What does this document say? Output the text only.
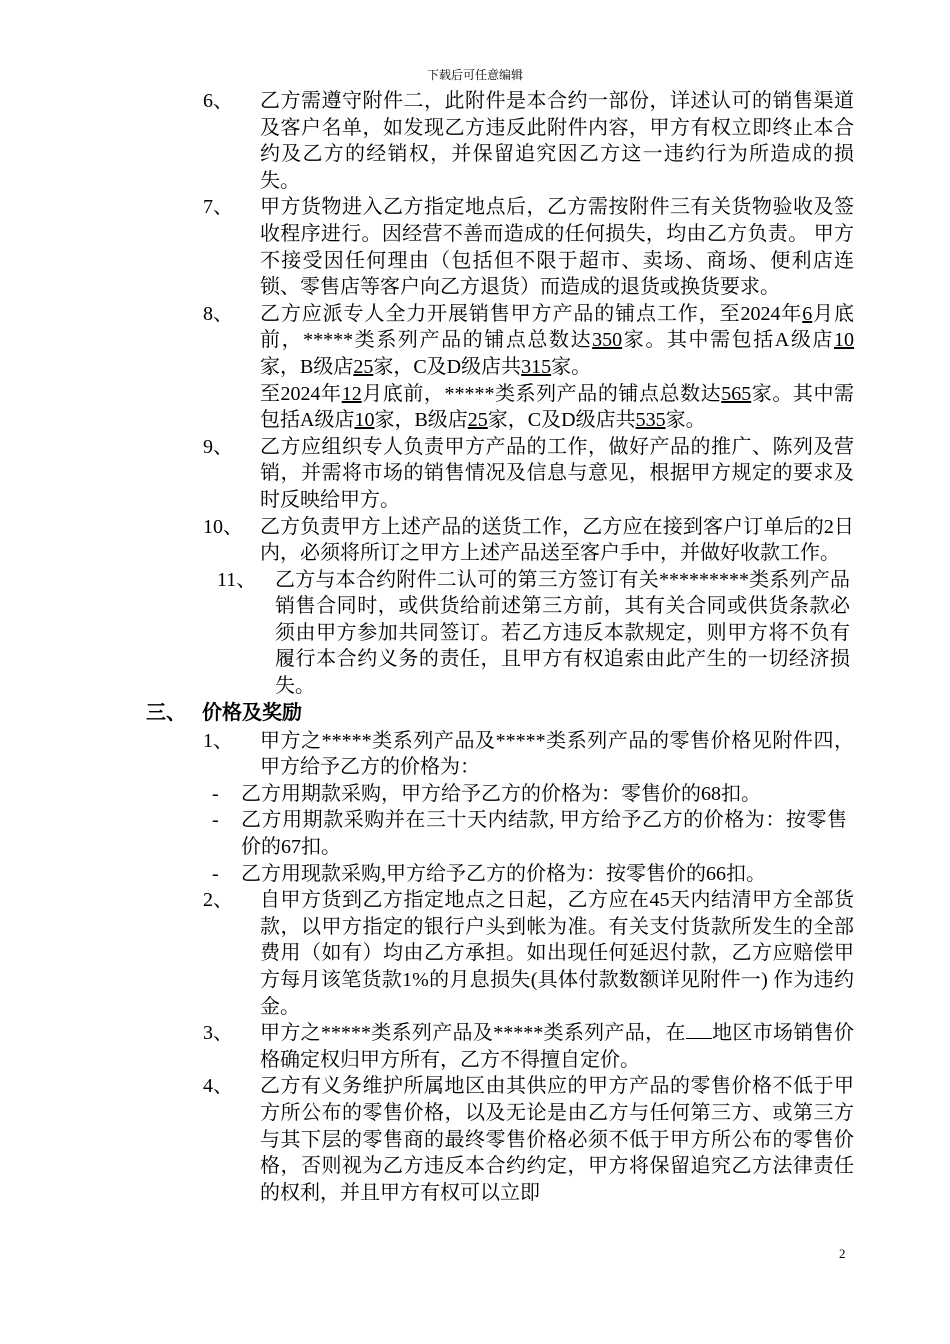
下载后可任意编辑
6、 乙方需遵守附件二，此附件是本合约一部份，详述认可的销售渠道及客户名单，如发现乙方违反此附件内容，甲方有权立即终止本合约及乙方的经销权，并保留追究因乙方这一违约行为所造成的损失。
7、 甲方货物进入乙方指定地点后，乙方需按附件三有关货物验收及签收程序进行。因经营不善而造成的任何损失，均由乙方负责。 甲方不接受因任何理由（包括但不限于超市、卖场、商场、便利店连锁、零售店等客户向乙方退货）而造成的退货或换货要求。
8、 乙方应派专人全力开展销售甲方产品的铺点工作，至2024年6月底前，*****类系列产品的铺点总数达350家。其中需包括A级店10家，B级店25家，C及D级店共315家。
至2024年12月底前，*****类系列产品的铺点总数达565家。其中需包括A级店10家，B级店25家，C及D级店共535家。
9、 乙方应组织专人负责甲方产品的工作，做好产品的推广、陈列及营销，并需将市场的销售情况及信息与意见，根据甲方规定的要求及时反映给甲方。
10、 乙方负责甲方上述产品的送货工作，乙方应在接到客户订单后的2日内，必须将所订之甲方上述产品送至客户手中，并做好收款工作。
11、 乙方与本合约附件二认可的第三方签订有关*********类系列产品销售合同时，或供货给前述第三方前，其有关合同或供货条款必须由甲方参加共同签订。若乙方违反本款规定，则甲方将不负有履行本合约义务的责任，且甲方有权追索由此产生的一切经济损失。
三、 价格及奖励
1、 甲方之*****类系列产品及*****类系列产品的零售价格见附件四，甲方给予乙方的价格为：
- 乙方用期款采购，甲方给予乙方的价格为：零售价的68扣。
- 乙方用期款采购并在三十天内结款, 甲方给予乙方的价格为：按零售价的67扣。
- 乙方用现款采购,甲方给予乙方的价格为：按零售价的66扣。
2、 自甲方货到乙方指定地点之日起，乙方应在45天内结清甲方全部货款，以甲方指定的银行户头到帐为准。有关支付货款所发生的全部费用（如有）均由乙方承担。如出现任何延迟付款，乙方应赔偿甲方每月该笔货款1%的月息损失(具体付款数额详见附件一) 作为违约金。
3、 甲方之*****类系列产品及*****类系列产品，在 地区市场销售价格确定权归甲方所有，乙方不得擅自定价。
4、 乙方有义务维护所属地区由其供应的甲方产品的零售价格不低于甲方所公布的零售价格，以及无论是由乙方与任何第三方、或第三方与其下层的零售商的最终零售价格必须不低于甲方所公布的零售价格，否则视为乙方违反本合约约定，甲方将保留追究乙方法律责任的权利，并且甲方有权可以立即
2
